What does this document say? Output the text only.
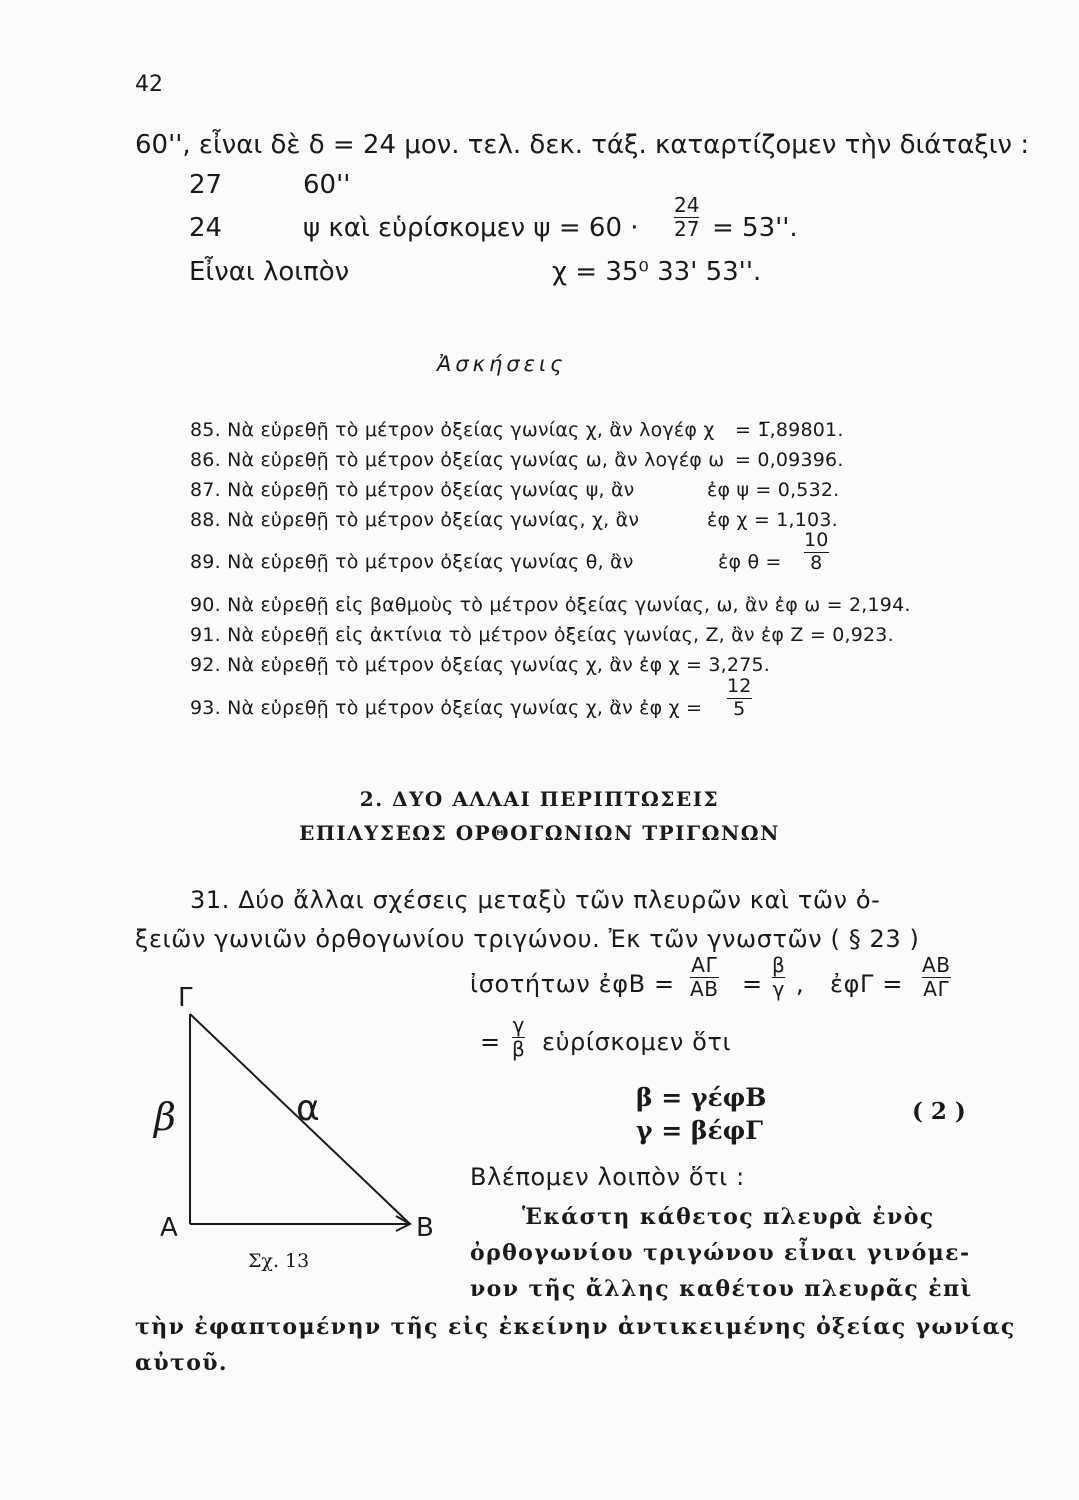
42
60'', εἶναι δὲ δ = 24 μον. τελ. δεκ. τάξ. καταρτίζομεν τὴν διάταξιν :
27	60''
24	ψ καὶ εὑρίσκομεν ψ = 60 ·
24
27 = 53''.
Εἶναι λοιπὸν	χ = 35⁰ 33' 53''.
Ἀσκήσεις
85. Νὰ εὑρεθῇ τὸ μέτρον ὀξείας γωνίας χ, ἂν λογέφ χ = 1̅,89801.
86. Νὰ εὑρεθῇ τὸ μέτρον ὀξείας γωνίας ω, ἂν λογέφ ω = 0,09396.
87. Νὰ εὑρεθῇ τὸ μέτρον ὀξείας γωνίας ψ, ἂν	ἐφ ψ = 0,532.
88. Νὰ εὑρεθῇ τὸ μέτρον ὀξείας γωνίας, χ, ἂν	ἐφ χ = 1,103.
89. Νὰ εὑρεθῇ τὸ μέτρον ὀξείας γωνίας θ, ἂν	ἐφ θ =
10
8
90. Νὰ εὑρεθῇ εἰς βαθμοὺς τὸ μέτρον ὀξείας γωνίας, ω, ἂν ἐφ ω = 2,194.
91. Νὰ εὑρεθῇ εἰς ἀκτίνια τὸ μέτρον ὀξείας γωνίας, Ζ, ἂν ἐφ Ζ = 0,923.
92. Νὰ εὑρεθῇ τὸ μέτρον ὀξείας γωνίας χ, ἂν ἐφ χ = 3,275.
93. Νὰ εὑρεθῇ τὸ μέτρον ὀξείας γωνίας χ, ἂν ἐφ χ =
12
5
2. ΔΥΟ ΑΛΛΑΙ ΠΕΡΙΠΤΩΣΕΙΣ
ΕΠΙΛΥΣΕΩΣ ΟΡΘΟΓΩΝΙΩΝ ΤΡΙΓΩΝΩΝ
31. Δύο ἄλλαι σχέσεις μεταξὺ τῶν πλευρῶν καὶ τῶν ὀ-
ξειῶν γωνιῶν ὀρθογωνίου τριγώνου. Ἐκ τῶν γνωστῶν ( § 23 )
ἰσοτήτων ἐφΒ =
ΑΓ
ΑΒ =
β
γ , ἐφΓ =
ΑΒ
ΑΓ
=
γ
β εὑρίσκομεν ὅτι
β = γέφΒ
γ = βέφΓ
( 2 )
Βλέπομεν λοιπὸν ὅτι :
Ἑκάστη κάθετος πλευρὰ ἑνὸς
ὀρθογωνίου τριγώνου εἶναι γινόμε-
νον τῆς ἄλλης καθέτου πλευρᾶς ἐπὶ
τὴν ἐφαπτομένην τῆς εἰς ἐκείνην ἀντικειμένης ὀξείας γωνίας
αὐτοῦ.
Γ
Α	Β
β	α
Σχ. 13
